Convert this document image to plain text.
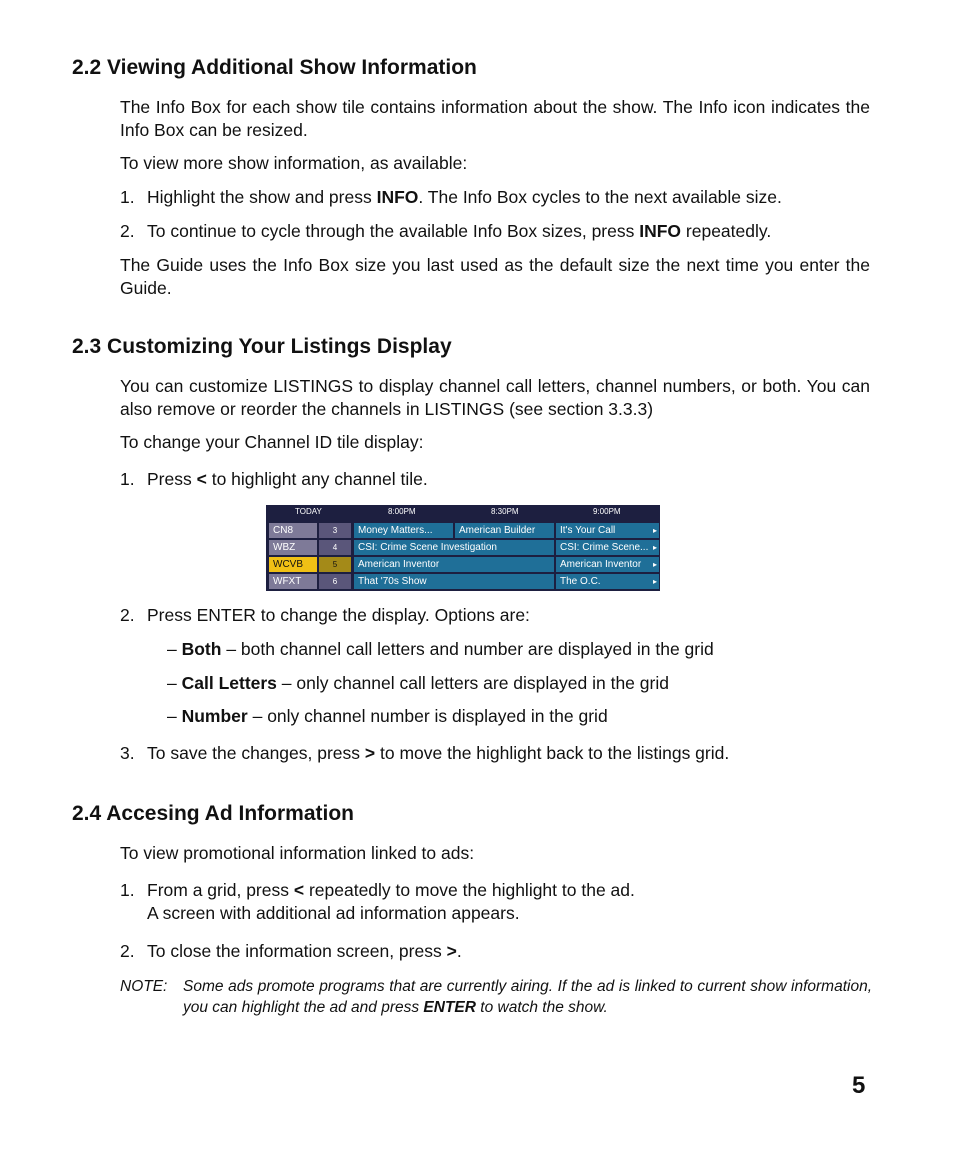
2.2 Viewing Additional Show Information

The Info Box for each show tile contains information about the show. The Info icon indicates the Info Box can be resized.

To view more show information, as available:

1. Highlight the show and press INFO. The Info Box cycles to the next available size.
2. To continue to cycle through the available Info Box sizes, press INFO repeatedly.

The Guide uses the Info Box size you last used as the default size the next time you enter the Guide.

2.3 Customizing Your Listings Display

You can customize LISTINGS to display channel call letters, channel numbers, or both. You can also remove or reorder the channels in LISTINGS (see section 3.3.3)

To change your Channel ID tile display:

1. Press < to highlight any channel tile.
TODAY	8:00PM	8:30PM	9:00PM
CN8	3	Money Matters...	American Builder	It's Your Call	▸
WBZ	4	CSI: Crime Scene Investigation	CSI: Crime Scene... ▸
WCVB	5	American Inventor	American Inventor ▸
WFXT	6	That '70s Show	The O.C.	▸
2. Press ENTER to change the display. Options are:
– Both – both channel call letters and number are displayed in the grid
– Call Letters – only channel call letters are displayed in the grid
– Number – only channel number is displayed in the grid
3. To save the changes, press > to move the highlight back to the listings grid.
2.4 Accesing Ad Information

To view promotional information linked to ads:

1. From a grid, press < repeatedly to move the highlight to the ad.
A screen with additional ad information appears.
2. To close the information screen, press >.
NOTE:	Some ads promote programs that are currently airing. If the ad is linked to current show information, you can highlight the ad and press ENTER to watch the show.
5
